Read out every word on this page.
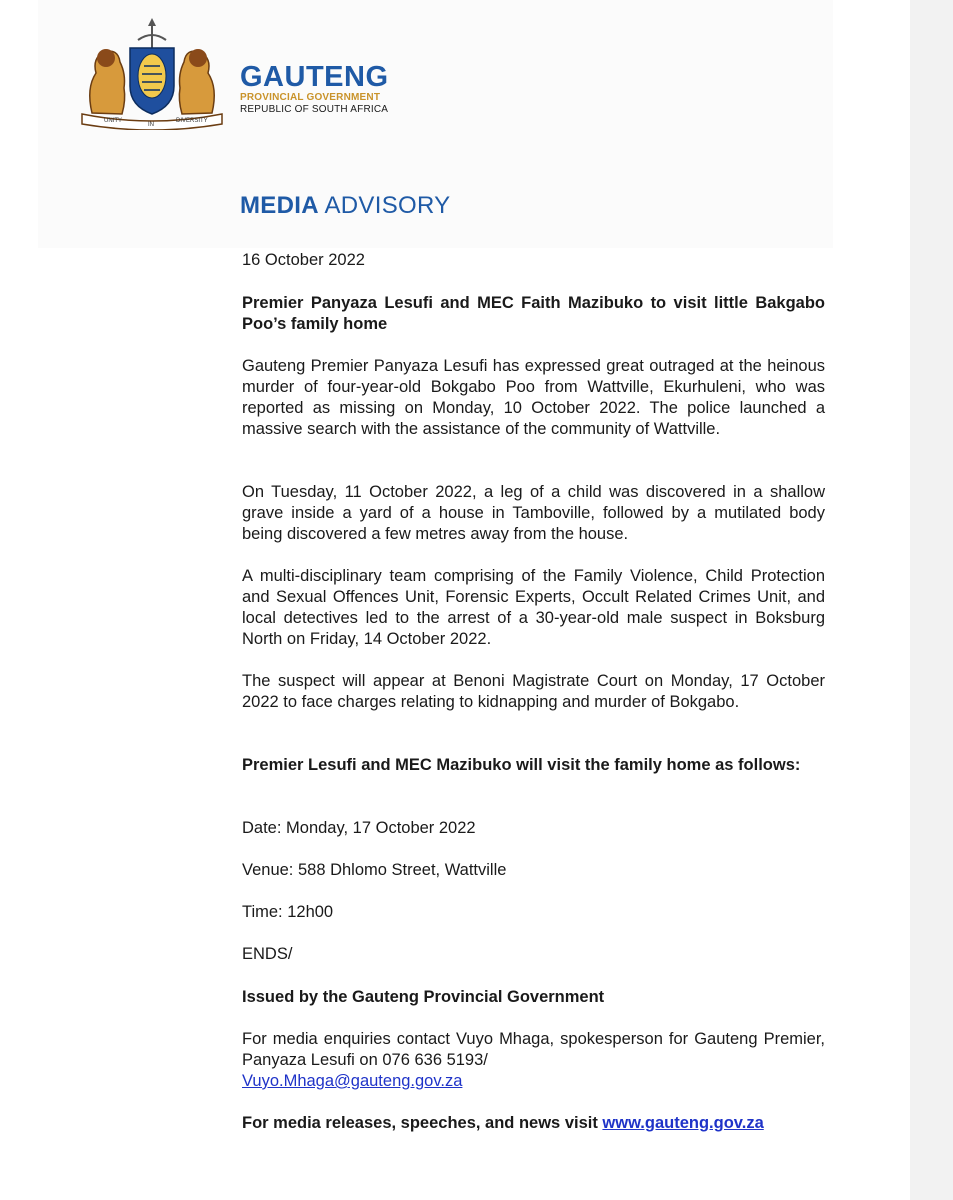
UNITY
IN
DIVERSITY
GAUTENG
PROVINCIAL GOVERNMENT
REPUBLIC OF SOUTH AFRICA
MEDIA ADVISORY
16 October 2022
Premier Panyaza Lesufi and MEC Faith Mazibuko to visit little Bakgabo Poo’s family home
Gauteng Premier Panyaza Lesufi has expressed great outraged at the heinous murder of four-year-old Bokgabo Poo from Wattville, Ekurhuleni, who was reported as missing on Monday, 10 October 2022. The police launched a massive search with the assistance of the community of Wattville.
On Tuesday, 11 October 2022, a leg of a child was discovered in a shallow grave inside a yard of a house in Tamboville, followed by a mutilated body being discovered a few metres away from the house.
A multi-disciplinary team comprising of the Family Violence, Child Protection and Sexual Offences Unit, Forensic Experts, Occult Related Crimes Unit, and local detectives led to the arrest of a 30-year-old male suspect in Boksburg North on Friday, 14 October 2022.
The suspect will appear at Benoni Magistrate Court on Monday, 17 October 2022 to face charges relating to kidnapping and murder of Bokgabo.
Premier Lesufi and MEC Mazibuko will visit the family home as follows:
Date: Monday, 17 October 2022
Venue: 588 Dhlomo Street, Wattville
Time: 12h00
ENDS/
Issued by the Gauteng Provincial Government
For media enquiries contact Vuyo Mhaga, spokesperson for Gauteng Premier, Panyaza Lesufi on 076 636 5193/
Vuyo.Mhaga@gauteng.gov.za
For media releases, speeches, and news visit www.gauteng.gov.za
